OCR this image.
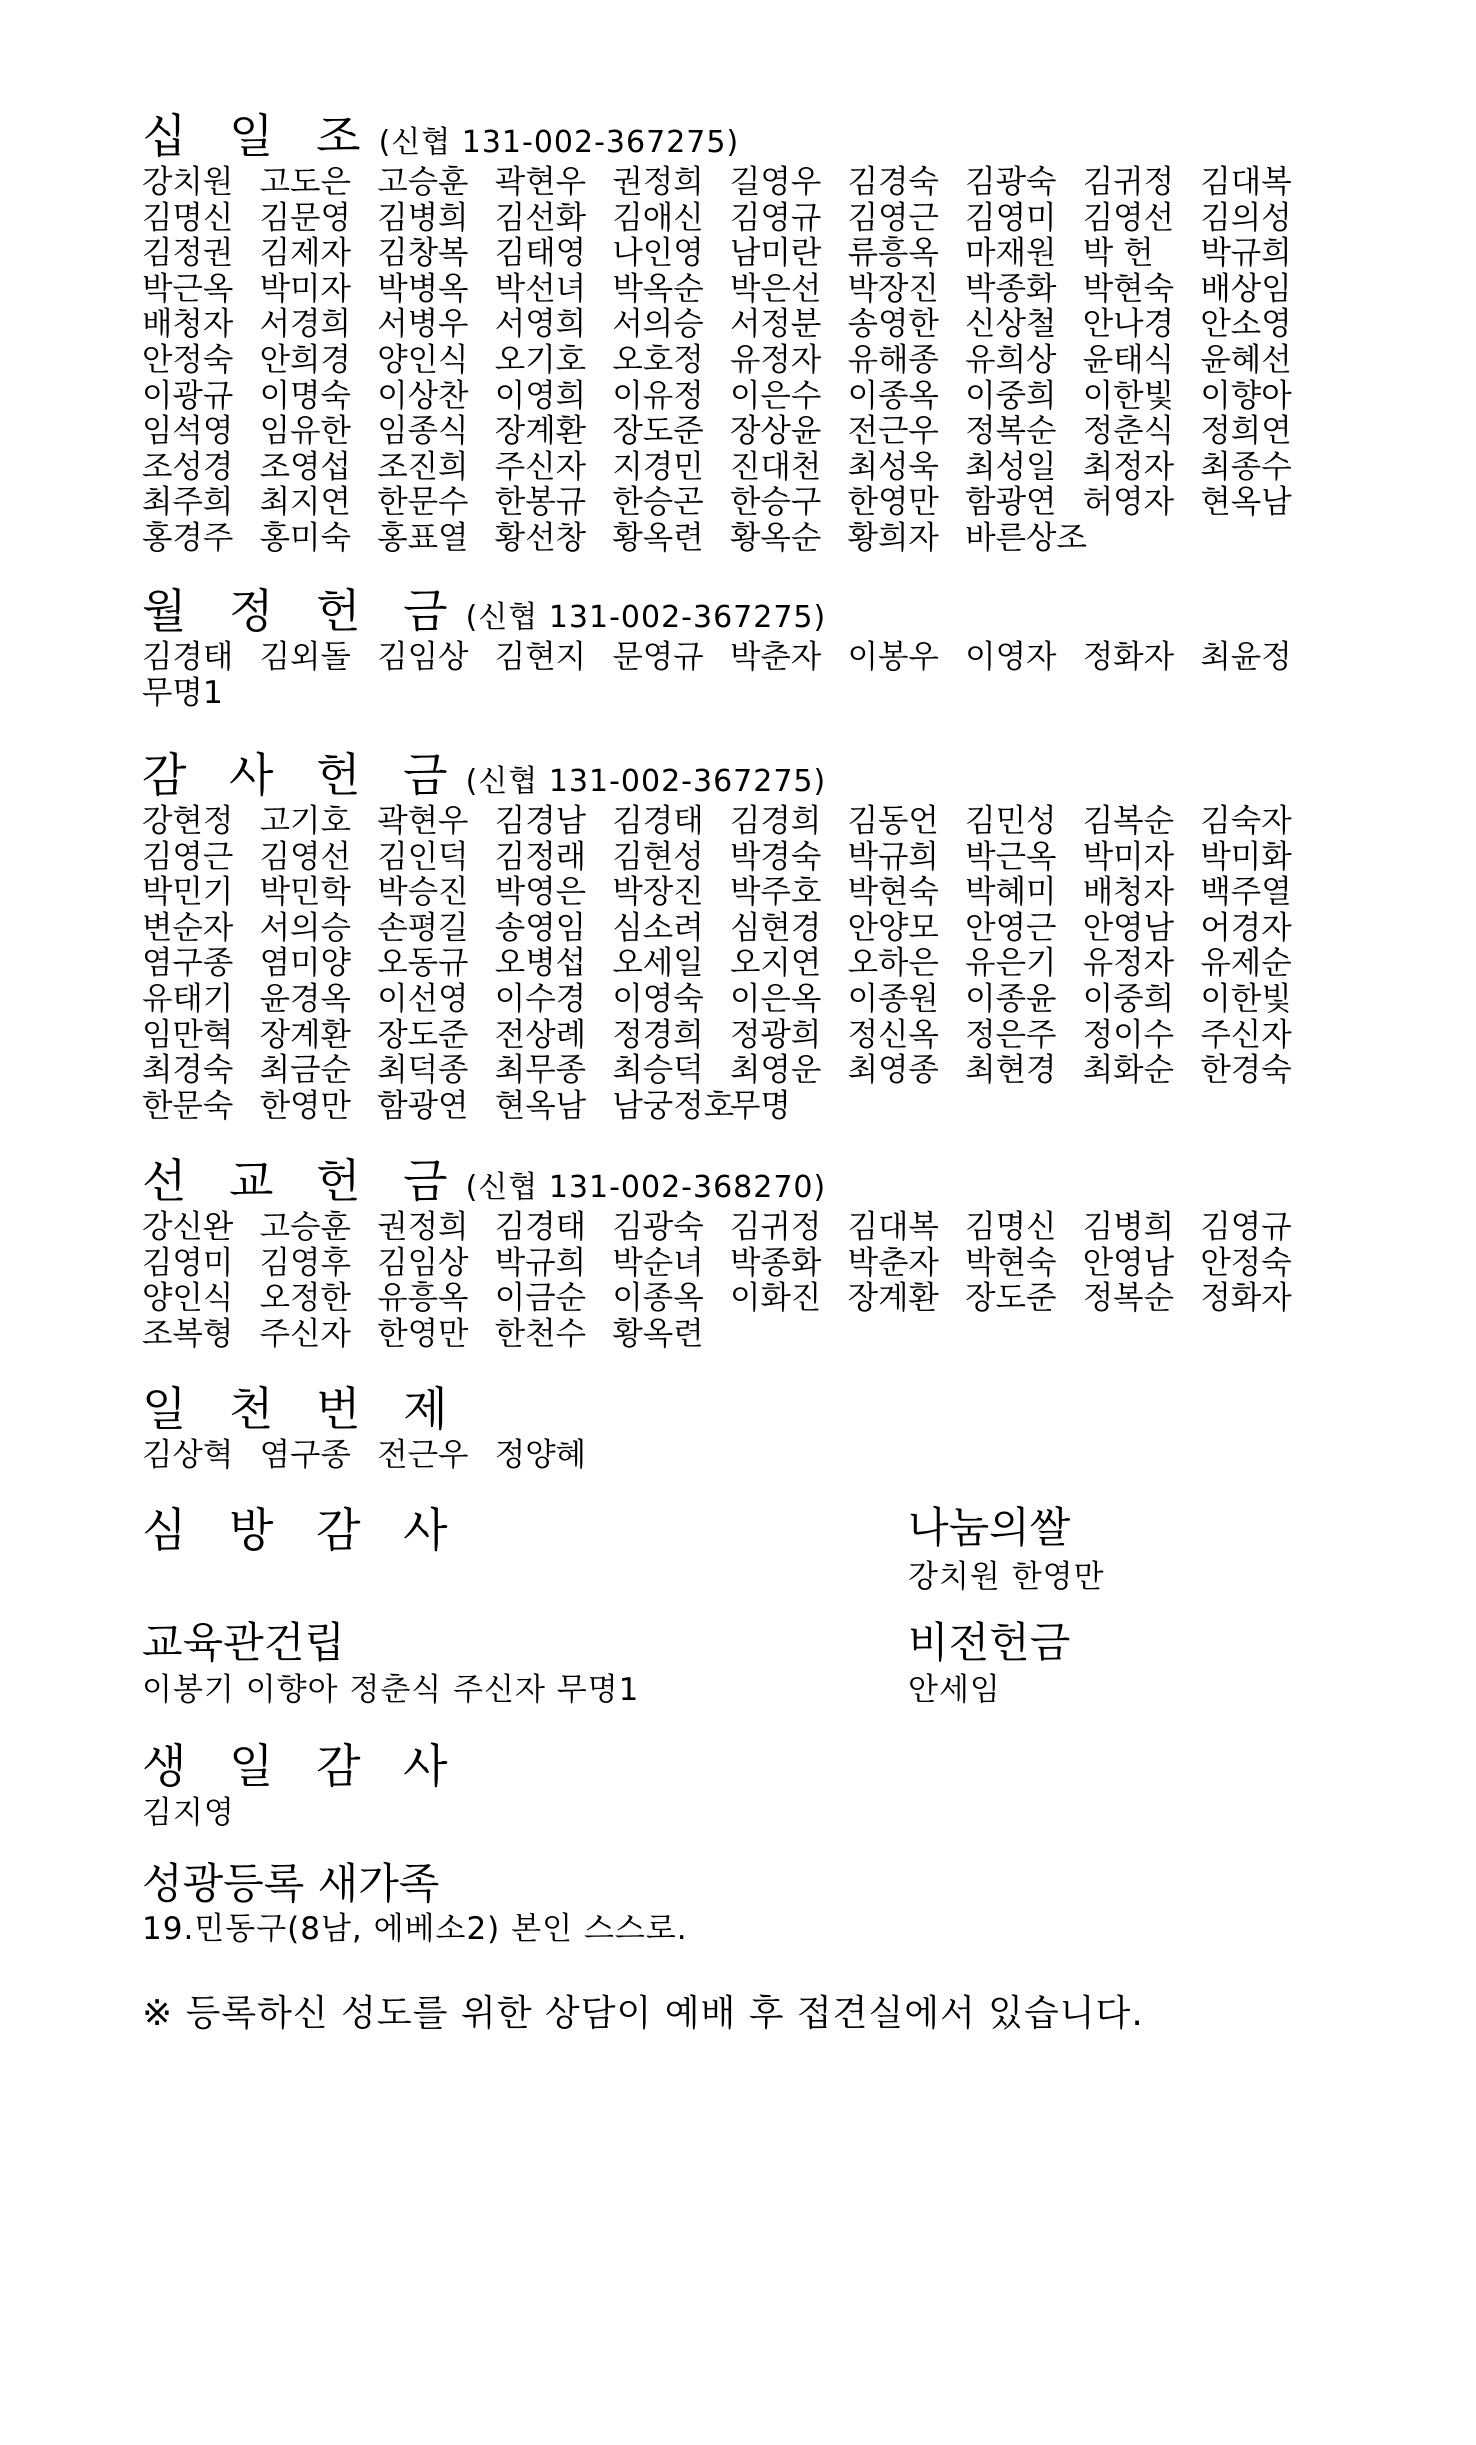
십 일 조 (신협 131-002-367275)
강치원 고도은 고승훈 곽현우 권정희 길영우 김경숙 김광숙 김귀정 김대복
김명신 김문영 김병희 김선화 김애신 김영규 김영근 김영미 김영선 김의성
김정권 김제자 김창복 김태영 나인영 남미란 류흥옥 마재원 박 헌	박규희
박근옥 박미자 박병옥 박선녀 박옥순 박은선 박장진 박종화 박현숙 배상임
배청자 서경희 서병우 서영희 서의승 서정분 송영한 신상철 안나경 안소영
안정숙 안희경 양인식 오기호 오호정 유정자 유해종 유희상 윤태식 윤혜선
이광규 이명숙 이상찬 이영희 이유정 이은수 이종옥 이중희 이한빛 이향아
임석영 임유한 임종식 장계환 장도준 장상윤 전근우 정복순 정춘식 정희연
조성경 조영섭 조진희 주신자 지경민 진대천 최성욱 최성일 최정자 최종수
최주희 최지연 한문수 한봉규 한승곤 한승구 한영만 함광연 허영자 현옥남
홍경주 홍미숙 홍표열 황선창 황옥련 황옥순 황희자 바른상조
월 정 헌 금 (신협 131-002-367275)
김경태 김외돌 김임상 김현지 문영규 박춘자 이봉우 이영자 정화자 최윤정
무명1
감 사 헌 금 (신협 131-002-367275)
강현정 고기호 곽현우 김경남 김경태 김경희 김동언 김민성 김복순 김숙자
김영근 김영선 김인덕 김정래 김현성 박경숙 박규희 박근옥 박미자 박미화
박민기 박민학 박승진 박영은 박장진 박주호 박현숙 박혜미 배청자 백주열
변순자 서의승 손평길 송영임 심소려 심현경 안양모 안영근 안영남 어경자
염구종 염미양 오동규 오병섭 오세일 오지연 오하은 유은기 유정자 유제순
유태기 윤경옥 이선영 이수경 이영숙 이은옥 이종원 이종윤 이중희 이한빛
임만혁 장계환 장도준 전상례 정경희 정광희 정신옥 정은주 정이수 주신자
최경숙 최금순 최덕종 최무종 최승덕 최영운 최영종 최현경 최화순 한경숙
한문숙 한영만 함광연 현옥남 남궁정호
무명
선 교 헌 금 (신협 131-002-368270)
강신완 고승훈 권정희 김경태 김광숙 김귀정 김대복 김명신 김병희 김영규
김영미 김영후 김임상 박규희 박순녀 박종화 박춘자 박현숙 안영남 안정숙
양인식 오정한 유흥옥 이금순 이종옥 이화진 장계환 장도준 정복순 정화자
조복형 주신자 한영만 한천수 황옥련
일 천 번 제
김상혁 염구종 전근우 정양혜
심 방 감 사	나눔의쌀
강치원 한영만
교육관건립
이봉기 이향아 정춘식 주신자 무명1
비전헌금
안세임
생 일 감 사
김지영
성광등록 새가족
19.민동구(8남, 에베소2) 본인 스스로.
※ 등록하신 성도를 위한 상담이 예배 후 접견실에서 있습니다.
